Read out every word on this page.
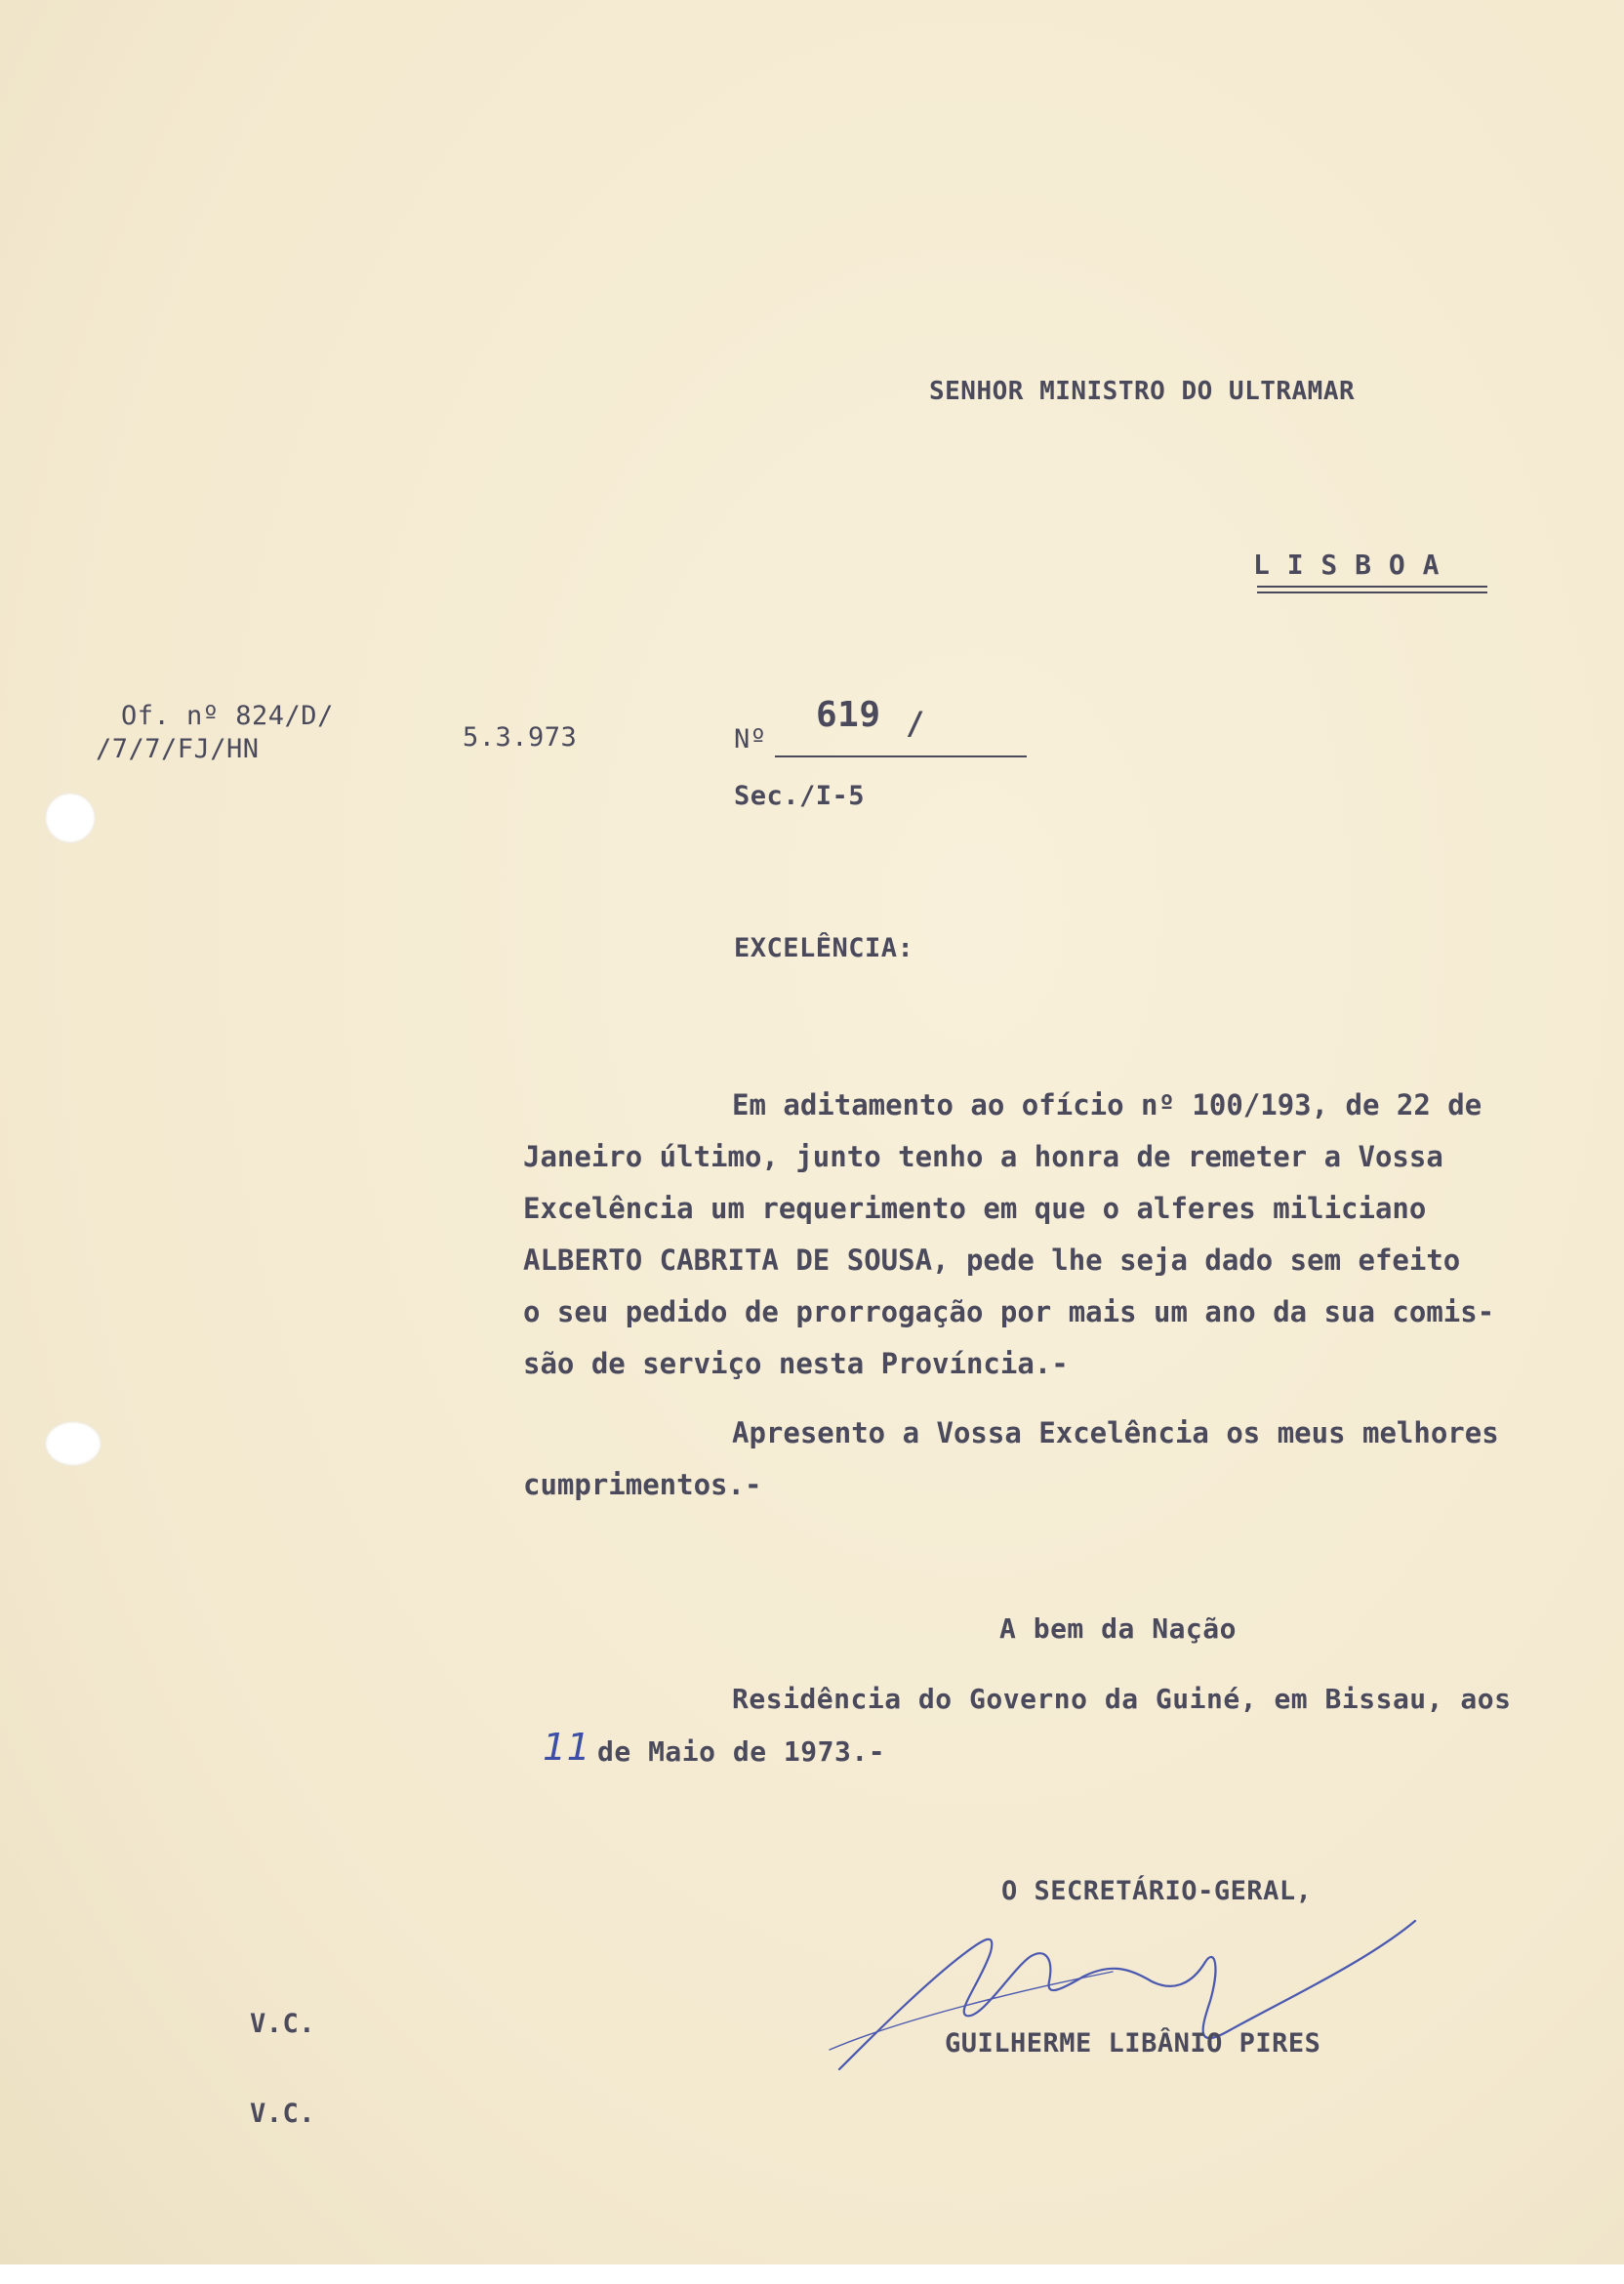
SENHOR MINISTRO DO ULTRAMAR
L I S B O A
Of. nº 824/D/
/7/7/FJ/HN	5.3.973	Nº
619 /
Sec./I-5
EXCELÊNCIA:
Em aditamento ao ofício nº 100/193, de 22 de
Janeiro último, junto tenho a honra de remeter a Vossa
Excelência um requerimento em que o alferes miliciano
ALBERTO CABRITA DE SOUSA, pede lhe seja dado sem efeito
o seu pedido de prorrogação por mais um ano da sua comis-
são de serviço nesta Província.-
Apresento a Vossa Excelência os meus melhores
cumprimentos.-
A bem da Nação
Residência do Governo da Guiné, em Bissau, aos
11 de Maio de 1973.-
O SECRETÁRIO-GERAL,
GUILHERME LIBÂNIO PIRES
V.C.
V.C.
